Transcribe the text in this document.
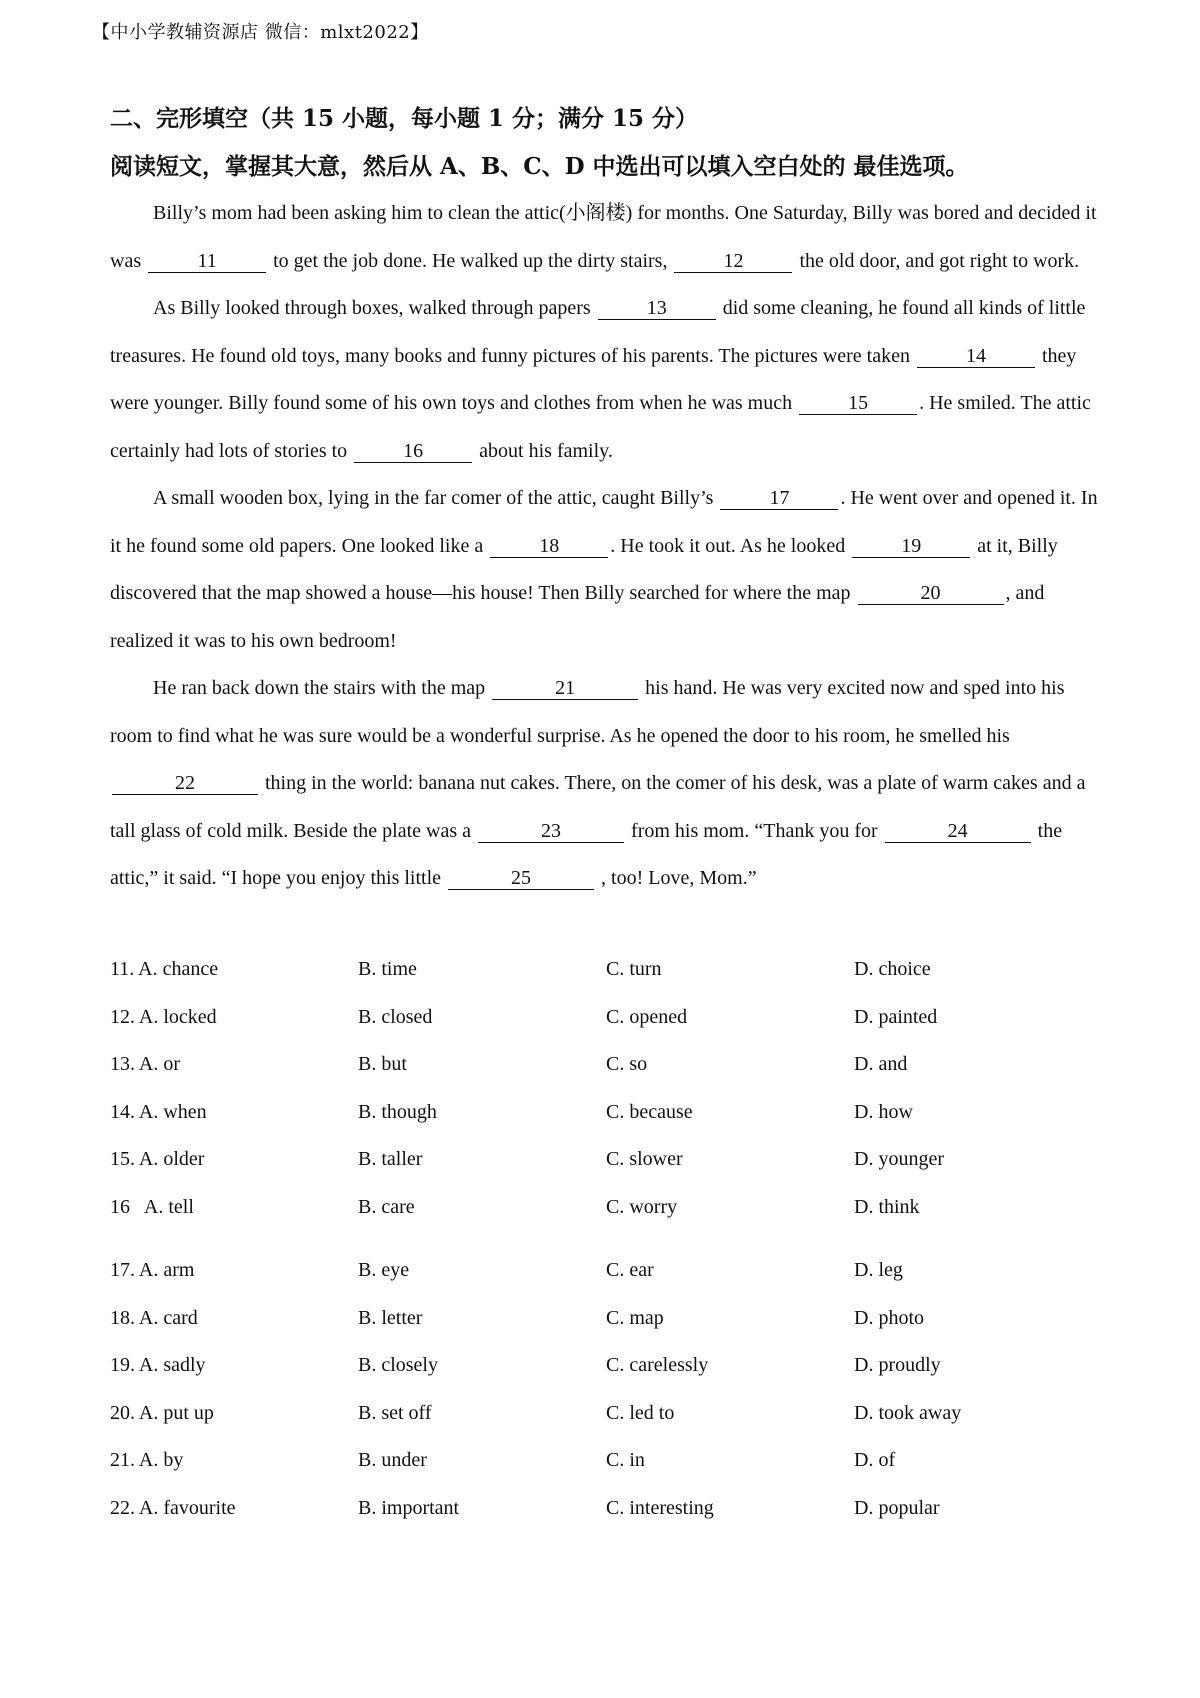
【中小学教辅资源店 微信：mlxt2022】
二、完形填空（共 15 小题，每小题 1 分；满分 15 分）
阅读短文，掌握其大意，然后从 A、B、C、D 中选出可以填入空白处的 最佳选项。

Billy’s mom had been asking him to clean the attic(小阁楼) for months. One Saturday, Billy was bored and decided it was	11	to get the job done. He walked up the dirty stairs,	12	the old door, and got right to work.

As Billy looked through boxes, walked through papers	13	did some cleaning, he found all kinds of little treasures. He found old toys, many books and funny pictures of his parents. The pictures were taken	14	they were younger. Billy found some of his own toys and clothes from when he was much	15	. He smiled. The attic certainly had lots of stories to	16	about his family.

A small wooden box, lying in the far comer of the attic, caught Billy’s	17	. He went over and opened it. In it he found some old papers. One looked like a	18	. He took it out. As he looked	19	at it, Billy discovered that the map showed a house—his house! Then Billy searched for where the map	20	, and realized it was to his own bedroom!

He ran back down the stairs with the map	21	his hand. He was very excited now and sped into his room to find what he was sure would be a wonderful surprise. As he opened the door to his room, he smelled his 22	thing in the world: banana nut cakes. There, on the comer of his desk, was a plate of warm cakes and a tall glass of cold milk. Beside the plate was a	23	from his mom. “Thank you for	24	the attic,” it said. “I hope you enjoy this little	25	, too! Love, Mom.”

11. A. chance	B. time	C. turn	D. choice
12. A. locked	B. closed	C. opened	D. painted
13. A. or	B. but	C. so	D. and
14. A. when	B. though	C. because	D. how
15. A. older	B. taller	C. slower	D. younger
16   A. tell	B. care	C. worry	D. think
17. A. arm	B. eye	C. ear	D. leg
18. A. card	B. letter	C. map	D. photo
19. A. sadly	B. closely	C. carelessly	D. proudly
20. A. put up	B. set off	C. led to	D. took away
21. A. by	B. under	C. in	D. of
22. A. favourite	B. important	C. interesting	D. popular
